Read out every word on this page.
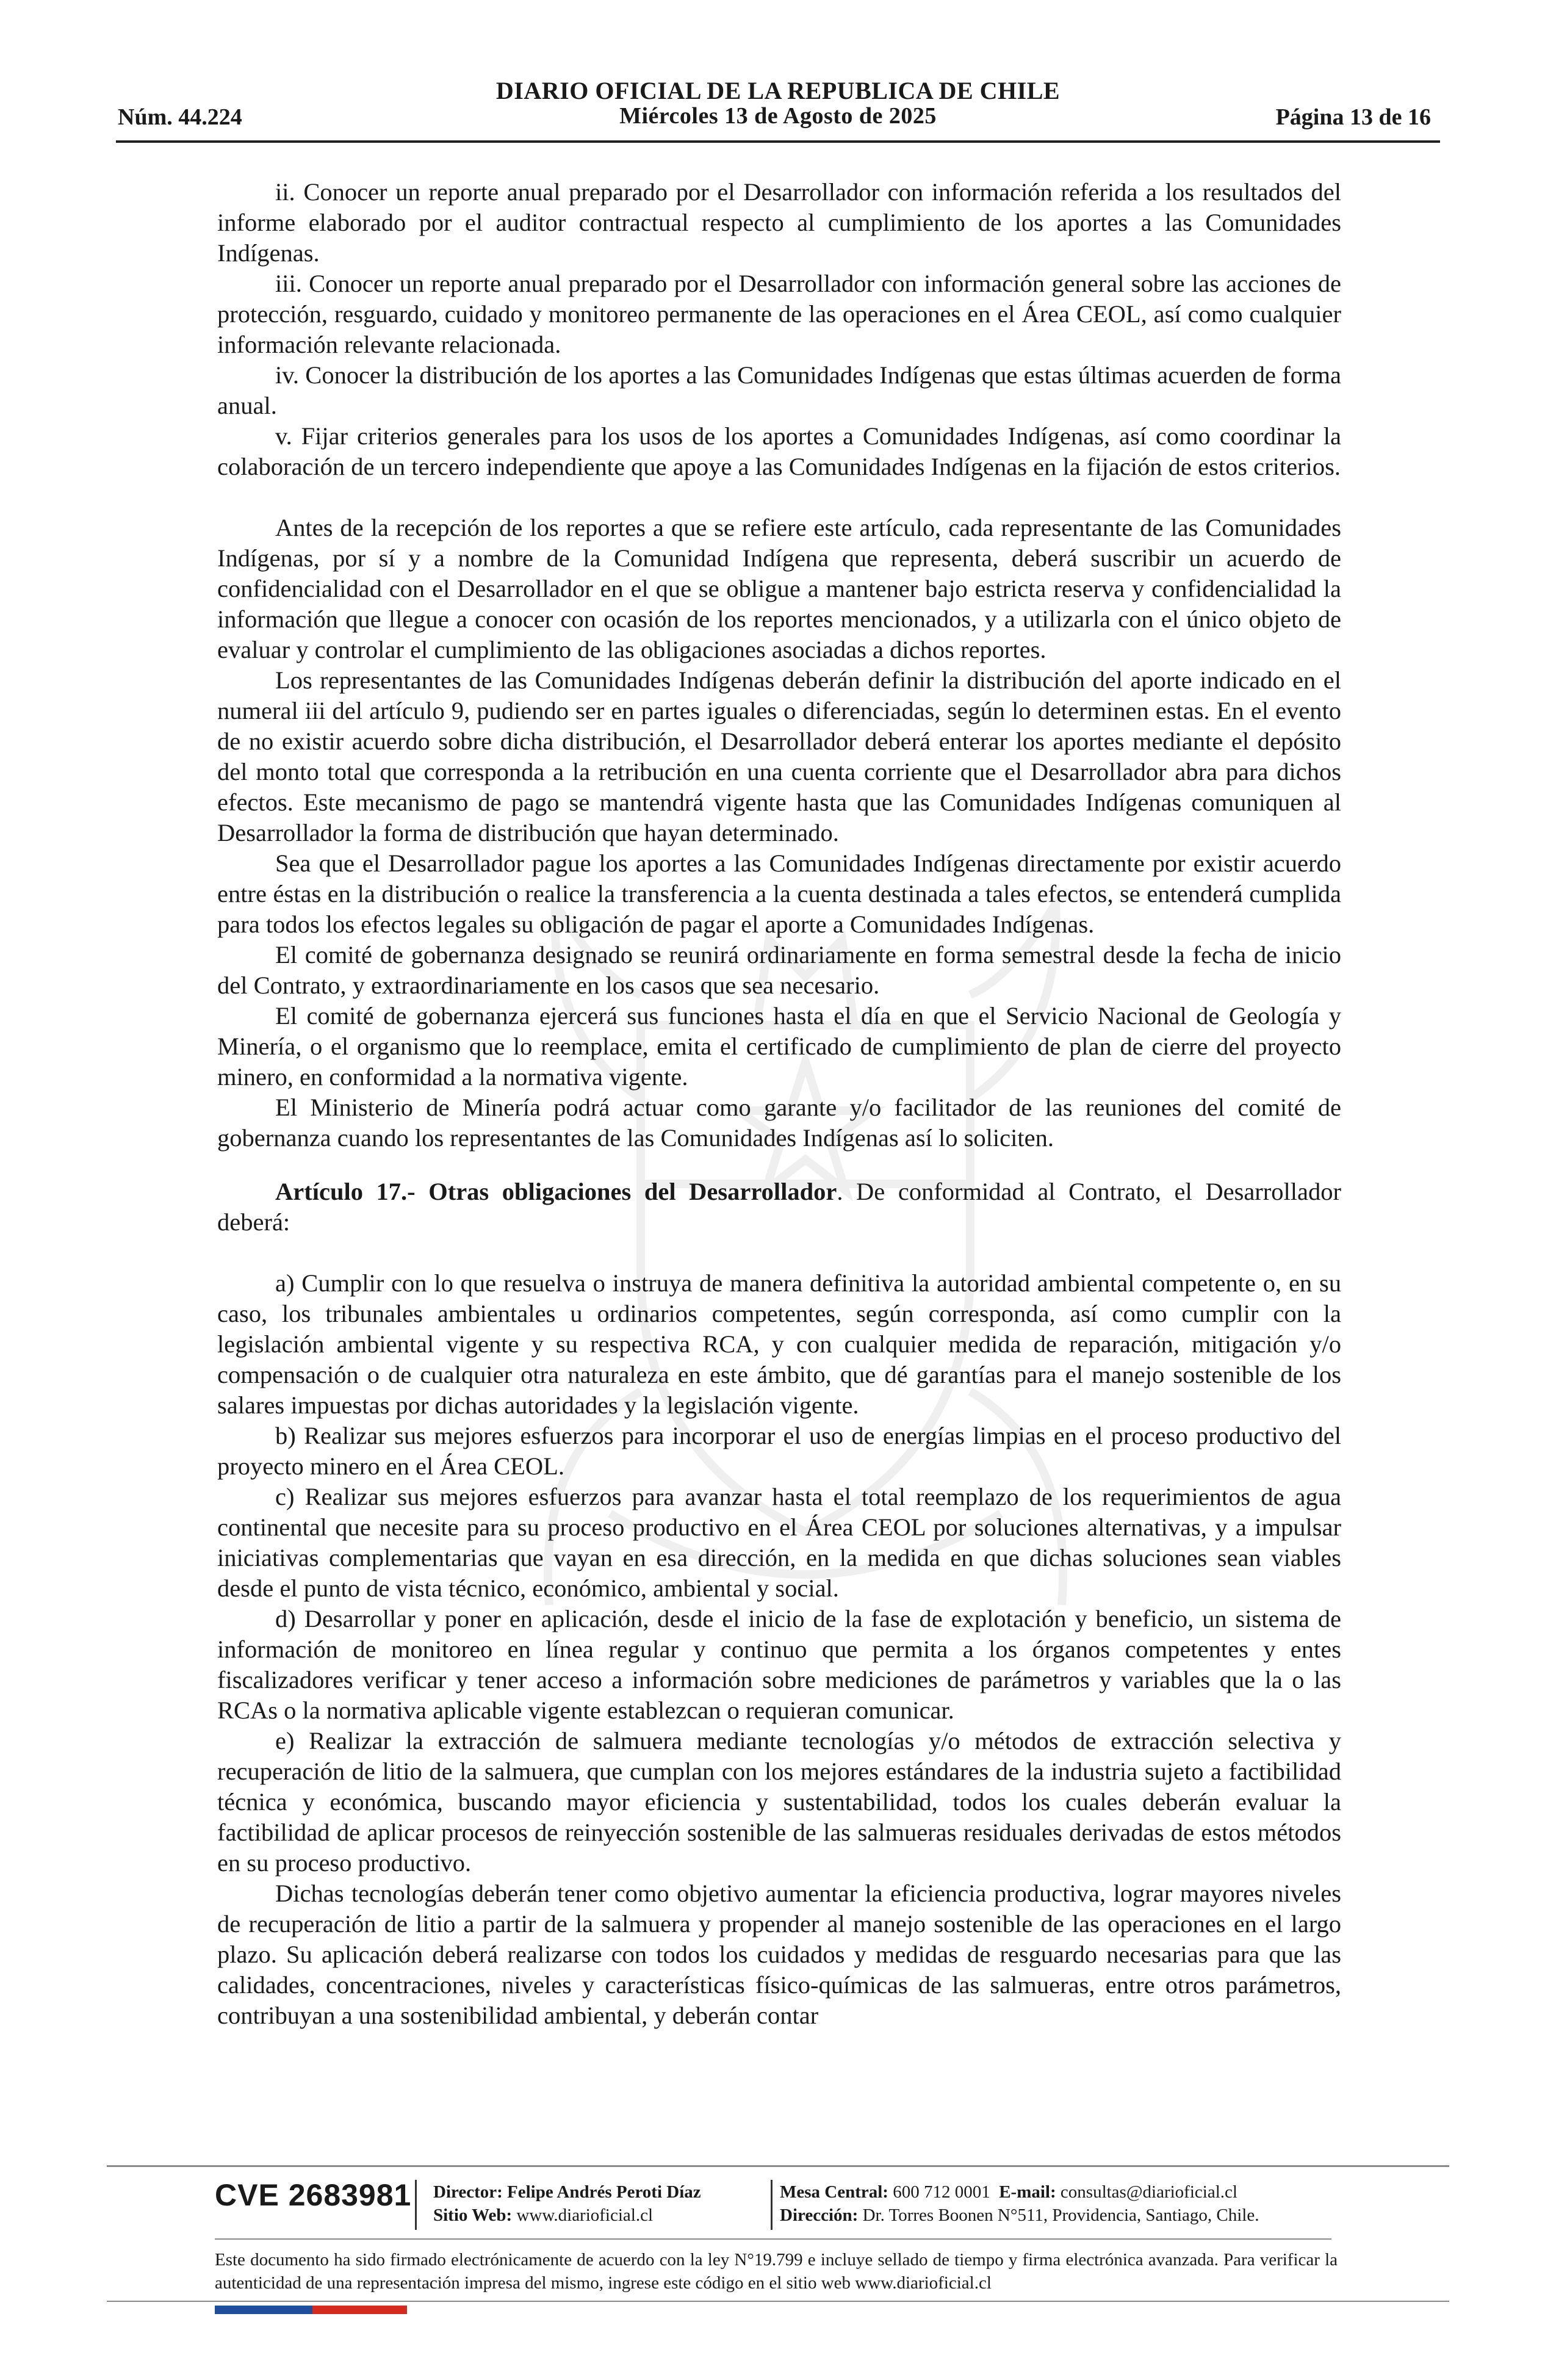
DIARIO OFICIAL DE LA REPUBLICA DE CHILE
Núm. 44.224	Miércoles 13 de Agosto de 2025	Página 13 de 16

ii. Conocer un reporte anual preparado por el Desarrollador con información referida a los resultados del informe elaborado por el auditor contractual respecto al cumplimiento de los aportes a las Comunidades Indígenas.

iii. Conocer un reporte anual preparado por el Desarrollador con información general sobre las acciones de protección, resguardo, cuidado y monitoreo permanente de las operaciones en el Área CEOL, así como cualquier información relevante relacionada.

iv. Conocer la distribución de los aportes a las Comunidades Indígenas que estas últimas acuerden de forma anual.

v. Fijar criterios generales para los usos de los aportes a Comunidades Indígenas, así como coordinar la colaboración de un tercero independiente que apoye a las Comunidades Indígenas en la fijación de estos criterios.

Antes de la recepción de los reportes a que se refiere este artículo, cada representante de las Comunidades Indígenas, por sí y a nombre de la Comunidad Indígena que representa, deberá suscribir un acuerdo de confidencialidad con el Desarrollador en el que se obligue a mantener bajo estricta reserva y confidencialidad la información que llegue a conocer con ocasión de los reportes mencionados, y a utilizarla con el único objeto de evaluar y controlar el cumplimiento de las obligaciones asociadas a dichos reportes.

Los representantes de las Comunidades Indígenas deberán definir la distribución del aporte indicado en el numeral iii del artículo 9, pudiendo ser en partes iguales o diferenciadas, según lo determinen estas. En el evento de no existir acuerdo sobre dicha distribución, el Desarrollador deberá enterar los aportes mediante el depósito del monto total que corresponda a la retribución en una cuenta corriente que el Desarrollador abra para dichos efectos. Este mecanismo de pago se mantendrá vigente hasta que las Comunidades Indígenas comuniquen al Desarrollador la forma de distribución que hayan determinado.

Sea que el Desarrollador pague los aportes a las Comunidades Indígenas directamente por existir acuerdo entre éstas en la distribución o realice la transferencia a la cuenta destinada a tales efectos, se entenderá cumplida para todos los efectos legales su obligación de pagar el aporte a Comunidades Indígenas.

El comité de gobernanza designado se reunirá ordinariamente en forma semestral desde la fecha de inicio del Contrato, y extraordinariamente en los casos que sea necesario.

El comité de gobernanza ejercerá sus funciones hasta el día en que el Servicio Nacional de Geología y Minería, o el organismo que lo reemplace, emita el certificado de cumplimiento de plan de cierre del proyecto minero, en conformidad a la normativa vigente.

El Ministerio de Minería podrá actuar como garante y/o facilitador de las reuniones del comité de gobernanza cuando los representantes de las Comunidades Indígenas así lo soliciten.

Artículo 17.- Otras obligaciones del Desarrollador. De conformidad al Contrato, el Desarrollador deberá:

a) Cumplir con lo que resuelva o instruya de manera definitiva la autoridad ambiental competente o, en su caso, los tribunales ambientales u ordinarios competentes, según corresponda, así como cumplir con la legislación ambiental vigente y su respectiva RCA, y con cualquier medida de reparación, mitigación y/o compensación o de cualquier otra naturaleza en este ámbito, que dé garantías para el manejo sostenible de los salares impuestas por dichas autoridades y la legislación vigente.

b) Realizar sus mejores esfuerzos para incorporar el uso de energías limpias en el proceso productivo del proyecto minero en el Área CEOL.

c) Realizar sus mejores esfuerzos para avanzar hasta el total reemplazo de los requerimientos de agua continental que necesite para su proceso productivo en el Área CEOL por soluciones alternativas, y a impulsar iniciativas complementarias que vayan en esa dirección, en la medida en que dichas soluciones sean viables desde el punto de vista técnico, económico, ambiental y social.

d) Desarrollar y poner en aplicación, desde el inicio de la fase de explotación y beneficio, un sistema de información de monitoreo en línea regular y continuo que permita a los órganos competentes y entes fiscalizadores verificar y tener acceso a información sobre mediciones de parámetros y variables que la o las RCAs o la normativa aplicable vigente establezcan o requieran comunicar.

e) Realizar la extracción de salmuera mediante tecnologías y/o métodos de extracción selectiva y recuperación de litio de la salmuera, que cumplan con los mejores estándares de la industria sujeto a factibilidad técnica y económica, buscando mayor eficiencia y sustentabilidad, todos los cuales deberán evaluar la factibilidad de aplicar procesos de reinyección sostenible de las salmueras residuales derivadas de estos métodos en su proceso productivo.

Dichas tecnologías deberán tener como objetivo aumentar la eficiencia productiva, lograr mayores niveles de recuperación de litio a partir de la salmuera y propender al manejo sostenible de las operaciones en el largo plazo. Su aplicación deberá realizarse con todos los cuidados y medidas de resguardo necesarias para que las calidades, concentraciones, niveles y características físico-químicas de las salmueras, entre otros parámetros, contribuyan a una sostenibilidad ambiental, y deberán contar

CVE 2683981 Director: Felipe Andrés Peroti Díaz
Sitio Web: www.diarioficial.cl
Mesa Central: 600 712 0001 E-mail: consultas@diarioficial.cl
Dirección: Dr. Torres Boonen N°511, Providencia, Santiago, Chile.
Este documento ha sido firmado electrónicamente de acuerdo con la ley N°19.799 e incluye sellado de tiempo y firma electrónica avanzada. Para verificar la autenticidad de una representación impresa del mismo, ingrese este código en el sitio web www.diarioficial.cl
